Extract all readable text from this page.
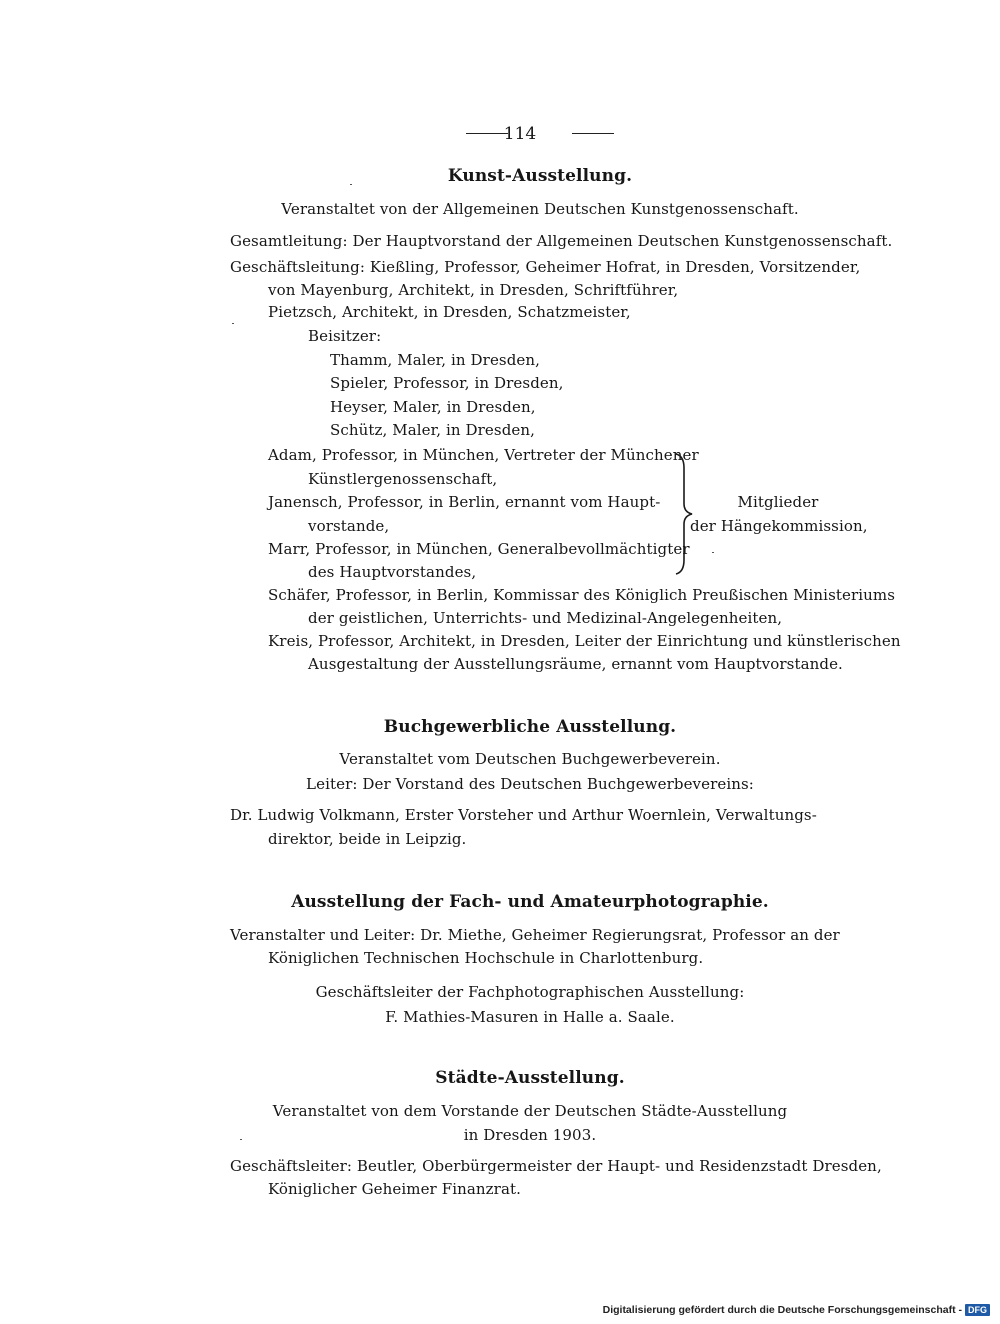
114
Kunst-Ausstellung.
Veranstaltet von der Allgemeinen Deutschen Kunstgenossenschaft.
Gesamtleitung: Der Hauptvorstand der Allgemeinen Deutschen Kunstgenossenschaft.
Geschäftsleitung: Kießling, Professor, Geheimer Hofrat, in Dresden, Vorsitzender,
von Mayenburg, Architekt, in Dresden, Schriftführer,
Pietzsch, Architekt, in Dresden, Schatzmeister,
Beisitzer:
Thamm, Maler, in Dresden,
Spieler, Professor, in Dresden,
Heyser, Maler, in Dresden,
Schütz, Maler, in Dresden,
Adam, Professor, in München, Vertreter der Münchener
Künstlergenossenschaft,
Janensch, Professor, in Berlin, ernannt vom Haupt-
vorstande,
Marr, Professor, in München, Generalbevollmächtigter
des Hauptvorstandes,
Mitglieder
der Hängekommission,
Schäfer, Professor, in Berlin, Kommissar des Königlich Preußischen Ministeriums
der geistlichen, Unterrichts- und Medizinal-Angelegenheiten,
Kreis, Professor, Architekt, in Dresden, Leiter der Einrichtung und künstlerischen
Ausgestaltung der Ausstellungsräume, ernannt vom Hauptvorstande.
Buchgewerbliche Ausstellung.
Veranstaltet vom Deutschen Buchgewerbeverein.
Leiter: Der Vorstand des Deutschen Buchgewerbevereins:
Dr. Ludwig Volkmann, Erster Vorsteher und Arthur Woernlein, Verwaltungs-
direktor, beide in Leipzig.
Ausstellung der Fach- und Amateurphotographie.
Veranstalter und Leiter: Dr. Miethe, Geheimer Regierungsrat, Professor an der
Königlichen Technischen Hochschule in Charlottenburg.
Geschäftsleiter der Fachphotographischen Ausstellung:
F. Mathies-Masuren in Halle a. Saale.
Städte-Ausstellung.
Veranstaltet von dem Vorstande der Deutschen Städte-Ausstellung
in Dresden 1903.
Geschäftsleiter: Beutler, Oberbürgermeister der Haupt- und Residenzstadt Dresden,
Königlicher Geheimer Finanzrat.
Digitalisierung gefördert durch die Deutsche Forschungsgemeinschaft - DFG
